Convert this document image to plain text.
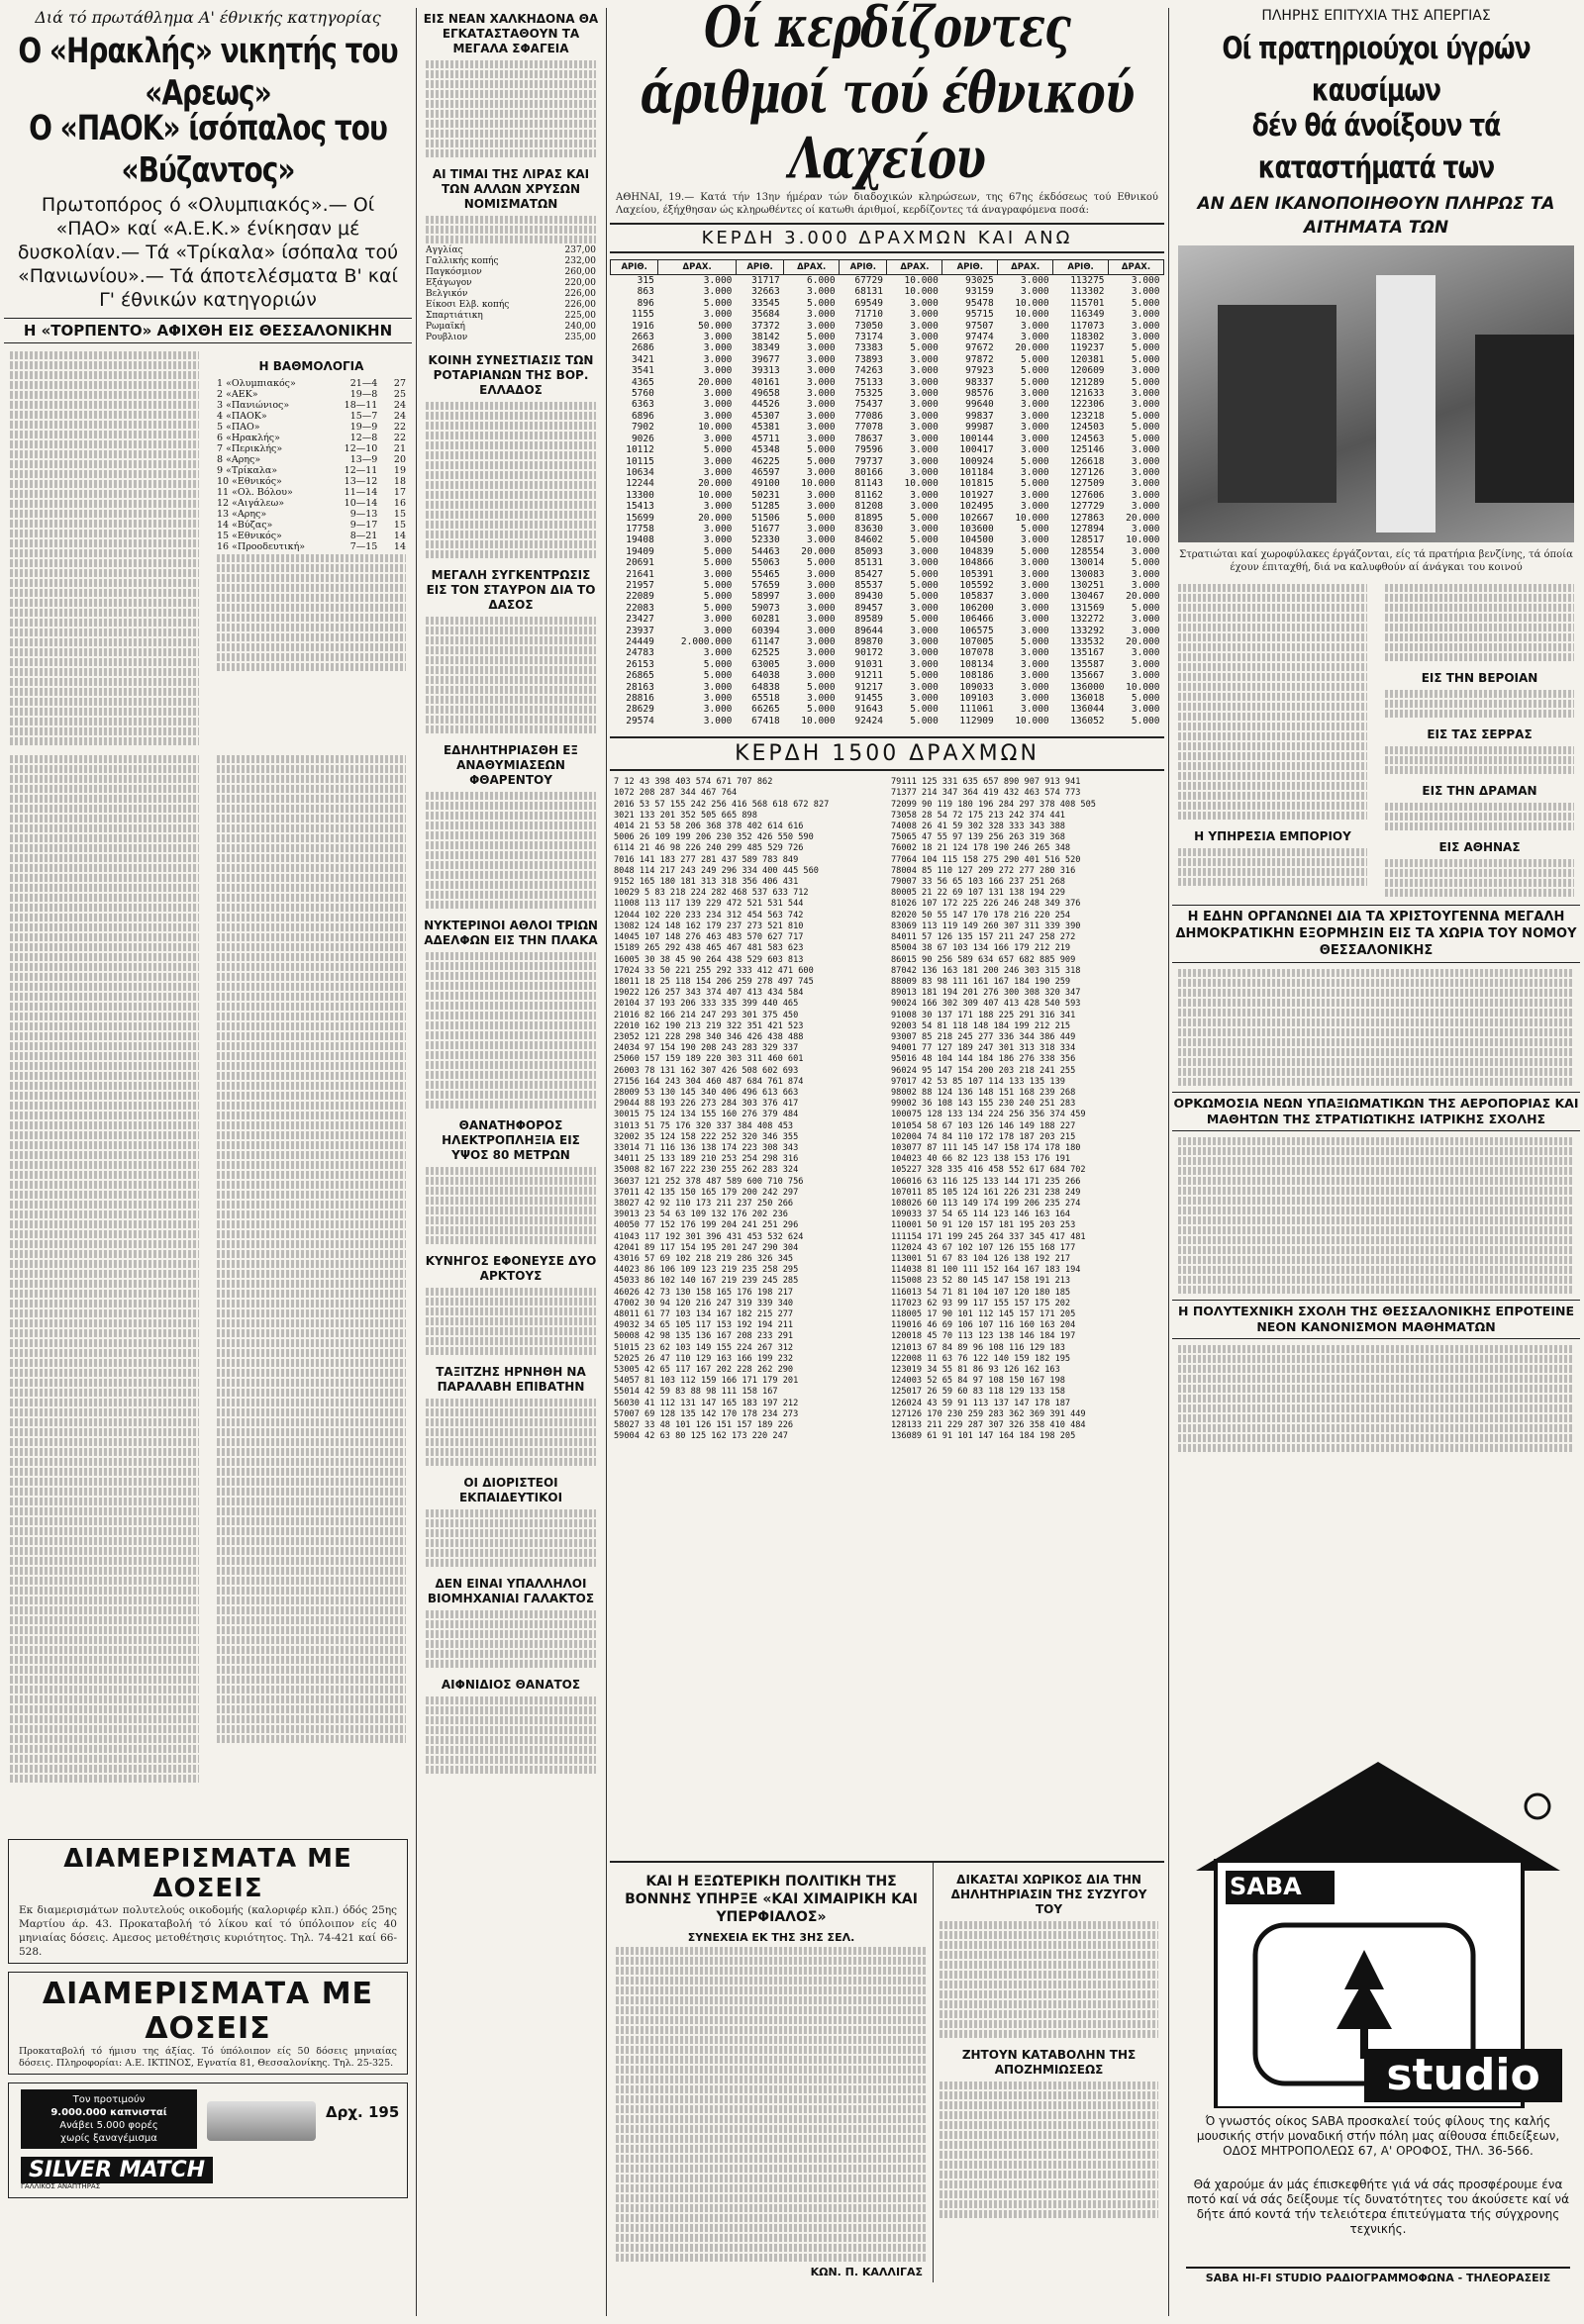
Διά τό πρωτάθλημα Α' έθνικής κατηγορίας
Ο «Ηρακλής» νικητής του «Αρεως»
Ο «ΠΑΟΚ» ίσόπαλος του «Βύζαντος»
Πρωτοπόρος ό «Ολυμπιακός».— Οί «ΠΑΟ» καί «Α.Ε.Κ.» ένίκησαν μέ δυσκολίαν.— Τά «Τρίκαλα» ίσόπαλα τού «Πανιωνίου».— Τά άποτελέσματα Β' καί Γ' έθνικών κατηγοριών
Η «ΤΟΡΠΕΝΤΟ» ΑΦΙΧΘΗ ΕΙΣ ΘΕΣΣΑΛΟΝΙΚΗΝ
Η ΒΑΘΜΟΛΟΓΙΑ
1 «Ολυμπιακός»	21—4	27
2 «ΑΕΚ»	19—8	25
3 «Πανιώνιος»	18—11	24
4 «ΠΑΟΚ»	15—7	24
5 «ΠΑΟ»	19—9	22
6 «Ηρακλής»	12—8	22
7 «Περικλής»	12—10	21
8 «Αρης»	13—9	20
9 «Τρίκαλα»	12—11	19
10 «Εθνικός»	13—12	18
11 «Ολ. Βόλου»	11—14	17
12 «Αιγάλεω»	10—14	16
13 «Αρης»	9—13	15
14 «Βύζας»	9—17	15
15 «Εθνικός»	8—21	14
16 «Προοδευτική»	7—15	14
ΔΙΑΜΕΡΙΣΜΑΤΑ ΜΕ ΔΟΣΕΙΣ
Εκ διαμερισμάτων πολυτελούς οικοδομής (καλοριφέρ κλπ.) όδός 25ης Μαρτίου άρ. 43. Προκαταβολή τό λίκου καί τό ύπόλοιπον είς 40 μηνιαίας δόσεις. Αμεσος μετοθέτησις κυριότητος. Τηλ. 74-421 καί 66-528.
ΔΙΑΜΕΡΙΣΜΑΤΑ ΜΕ ΔΟΣΕΙΣ
Προκαταβολή τό ήμισυ της άξίας. Τό ύπόλοιπον είς 50 δόσεις μηνιαίας δόσεις. Πληροφορίαι: Α.Ε. ΙΚΤΙΝΟΣ, Εγνατία 81, Θεσσαλονίκης. Τηλ. 25-325.
Τον προτιμούν
9.000.000 καπνισταί
Ανάβει 5.000 φορές
χωρίς ξαναγέμισμα
Δρχ. 195
SILVER MATCH
ΓΑΛΛΙΚΟΣ ΑΝΑΠΤΗΡΑΣ
ΕΙΣ ΝΕΑΝ ΧΑΛΚΗΔΟΝΑ ΘΑ ΕΓΚΑΤΑΣΤΑΘΟΥΝ ΤΑ ΜΕΓΑΛΑ ΣΦΑΓΕΙΑ
ΑΙ ΤΙΜΑΙ ΤΗΣ ΛΙΡΑΣ ΚΑΙ ΤΩΝ ΑΛΛΩΝ ΧΡΥΣΩΝ ΝΟΜΙΣΜΑΤΩΝ
Αγγλίας	237,00
Γαλλικής κοπής	232,00
Παγκόσμιον	260,00
Εξάγωγον	220,00
Βελγικόν	226,00
Είκοσι Ελβ. κοπής	226,00
Σπαρτιάτικη	225,00
Ρωμαϊκή	240,00
Ρουβλιον	235,00
ΚΟΙΝΗ ΣΥΝΕΣΤΙΑΣΙΣ ΤΩΝ ΡΟΤΑΡΙΑΝΩΝ ΤΗΣ ΒΟΡ. ΕΛΛΑΔΟΣ
ΜΕΓΑΛΗ ΣΥΓΚΕΝΤΡΩΣΙΣ ΕΙΣ ΤΟΝ ΣΤΑΥΡΟΝ ΔΙΑ ΤΟ ΔΑΣΟΣ
ΕΔΗΛΗΤΗΡΙΑΣΘΗ ΕΞ ΑΝΑΘΥΜΙΑΣΕΩΝ ΦΘΑΡΕΝΤΟΥ
ΝΥΚΤΕΡΙΝΟΙ ΑΘΛΟΙ ΤΡΙΩΝ ΑΔΕΛΦΩΝ ΕΙΣ ΤΗΝ ΠΛΑΚΑ
ΘΑΝΑΤΗΦΟΡΟΣ ΗΛΕΚΤΡΟΠΛΗΞΙΑ ΕΙΣ ΥΨΟΣ 80 ΜΕΤΡΩΝ
ΚΥΝΗΓΟΣ ΕΦΟΝΕΥΣΕ ΔΥΟ ΑΡΚΤΟΥΣ
ΤΑΞΙΤΖΗΣ ΗΡΝΗΘΗ ΝΑ ΠΑΡΑΛΑΒΗ ΕΠΙΒΑΤΗΝ
ΟΙ ΔΙΟΡΙΣΤΕΟΙ ΕΚΠΑΙΔΕΥΤΙΚΟΙ
ΔΕΝ ΕΙΝΑΙ ΥΠΑΛΛΗΛΟΙ ΒΙΟΜΗΧΑΝΙΑΙ ΓΑΛΑΚΤΟΣ
ΑΙΦΝΙΔΙΟΣ ΘΑΝΑΤΟΣ
Οί κερδίζοντες άριθμοί τού έθνικού Λαχείου
ΑΘΗΝΑΙ, 19.— Κατά τήν 13ην ήμέραν τών διαδοχικών κληρώσεων, της 67ης έκδόσεως τού Εθνικού Λαχείου, έξήχθησαν ώς κληρωθέντες οί κατωθι άριθμοί, κερδίζοντες τά άναγραφόμενα ποσά:
ΚΕΡΔΗ 3.000 ΔΡΑΧΜΩΝ ΚΑΙ ΑΝΩ
ΑΡΙΘ.	ΔΡΑΧ.	ΑΡΙΘ.	ΔΡΑΧ.	ΑΡΙΘ.	ΔΡΑΧ.	ΑΡΙΘ.	ΔΡΑΧ.	ΑΡΙΘ.	ΔΡΑΧ.
315	3.000	31717	6.000	67729	10.000	93025	3.000	113275	3.000
863	3.000	32663	3.000	68131	10.000	93159	3.000	113302	3.000
896	5.000	33545	5.000	69549	3.000	95478	10.000	115701	5.000
1155	3.000	35684	3.000	71710	3.000	95715	10.000	116349	3.000
1916	50.000	37372	3.000	73050	3.000	97507	3.000	117073	3.000
2663	3.000	38142	5.000	73174	3.000	97474	3.000	118302	3.000
2686	3.000	38349	3.000	73383	5.000	97672	20.000	119237	5.000
3421	3.000	39677	3.000	73893	3.000	97872	5.000	120381	5.000
3541	3.000	39313	3.000	74263	3.000	97923	5.000	120609	3.000
4365	20.000	40161	3.000	75133	3.000	98337	5.000	121289	5.000
5760	3.000	49658	3.000	75325	3.000	98576	3.000	121633	3.000
6363	3.000	44526	3.000	75437	3.000	99640	3.000	122306	3.000
6896	3.000	45307	3.000	77086	3.000	99837	3.000	123218	5.000
7902	10.000	45381	3.000	77078	3.000	99987	3.000	124503	5.000
9026	3.000	45711	3.000	78637	3.000	100144	3.000	124563	5.000
10112	5.000	45348	5.000	79596	3.000	100417	3.000	125146	3.000
10115	3.000	46225	5.000	79737	3.000	100924	5.000	126618	3.000
10634	3.000	46597	3.000	80166	3.000	101184	3.000	127126	3.000
12244	20.000	49100	10.000	81143	10.000	101815	5.000	127509	3.000
13300	10.000	50231	3.000	81162	3.000	101927	3.000	127606	3.000
15413	3.000	51285	3.000	81208	3.000	102495	3.000	127729	3.000
15699	20.000	51506	5.000	81895	5.000	102667	10.000	127863	20.000
17758	3.000	51677	3.000	83630	3.000	103600	5.000	127894	3.000
19408	3.000	52330	3.000	84602	5.000	104500	3.000	128517	10.000
19409	5.000	54463	20.000	85093	3.000	104839	5.000	128554	3.000
20691	5.000	55063	5.000	85131	3.000	104866	3.000	130014	5.000
21641	3.000	55465	3.000	85427	5.000	105391	3.000	130083	3.000
21957	5.000	57659	3.000	85537	5.000	105592	3.000	130251	3.000
22089	5.000	58997	3.000	89430	5.000	105837	3.000	130467	20.000
22083	5.000	59073	3.000	89457	3.000	106200	3.000	131569	5.000
23427	3.000	60281	3.000	89589	5.000	106466	3.000	132272	3.000
23937	3.000	60394	3.000	89644	3.000	106575	3.000	133292	3.000
24449	2.000.000	61147	3.000	89870	3.000	107005	5.000	133532	20.000
24783	3.000	62525	3.000	90172	3.000	107078	3.000	135167	3.000
26153	5.000	63005	3.000	91031	3.000	108134	3.000	135587	3.000
26865	5.000	64038	3.000	91211	5.000	108186	3.000	135667	3.000
28163	3.000	64838	5.000	91217	3.000	109033	3.000	136000	10.000
28816	3.000	65518	3.000	91455	3.000	109103	3.000	136018	5.000
28629	3.000	66265	5.000	91643	5.000	111061	3.000	136044	3.000
29574	3.000	67418	10.000	92424	5.000	112909	10.000	136052	5.000
ΚΕΡΔΗ 1500 ΔΡΑΧΜΩΝ
7 12 43 398 403 574 671 707 862
1072 208 287 344 467 764
2016 53 57 155 242 256 416 568 618 672 827
3021 133 201 352 505 665 898
4014 21 53 58 206 368 378 402 614 616
5006 26 109 199 206 230 352 426 550 590
6114 21 46 98 226 240 299 485 529 726
7016 141 183 277 281 437 589 783 849
8048 114 217 243 249 296 334 400 445 560
9152 165 180 181 313 318 356 406 431
10029 5 83 218 224 282 468 537 633 712
11008 113 117 139 229 472 521 531 544
12044 102 220 233 234 312 454 563 742
13082 124 148 162 179 237 273 521 810
14045 107 148 276 463 483 570 627 717
15189 265 292 438 465 467 481 583 623
16005 30 38 45 90 264 438 529 603 813
17024 33 50 221 255 292 333 412 471 600
18011 18 25 118 154 206 259 278 497 745
19022 126 257 343 374 407 413 434 584
20104 37 193 206 333 335 399 440 465
21016 82 166 214 247 293 301 375 450
22010 162 190 213 219 322 351 421 523
23052 121 228 298 340 346 426 438 488
24034 97 154 190 208 243 283 329 337
25060 157 159 189 220 303 311 460 601
26003 78 131 162 307 426 508 602 693
27156 164 243 304 460 487 684 761 874
28009 53 130 145 340 406 496 613 663
29044 88 193 226 273 284 303 376 417
30015 75 124 134 155 160 276 379 484
31013 51 75 176 320 337 384 408 453
32002 35 124 158 222 252 320 346 355
33014 71 116 136 138 174 223 308 343
34011 25 133 189 210 253 254 298 316
35008 82 167 222 230 255 262 283 324
36037 121 252 378 487 589 600 710 756
37011 42 135 150 165 179 200 242 297
38027 42 92 110 173 211 237 250 266
39013 23 54 63 109 132 176 202 236
40050 77 152 176 199 204 241 251 296
41043 117 192 301 396 431 453 532 624
42041 89 117 154 195 201 247 290 304
43016 57 69 102 218 219 286 326 345
44023 86 106 109 123 219 235 258 295
45033 86 102 140 167 219 239 245 285
46026 42 73 130 158 165 176 198 217
47002 30 94 120 216 247 319 339 340
48011 61 77 103 134 167 182 215 277
49032 34 65 105 117 153 192 194 211
50008 42 98 135 136 167 208 233 291
51015 23 62 103 149 155 224 267 312
52025 26 47 110 129 163 166 199 232
53005 42 65 117 167 202 228 262 290
54057 81 103 112 159 166 171 179 201
55014 42 59 83 88 98 111 158 167
56030 41 112 131 147 165 183 197 212
57007 69 128 135 142 170 178 234 273
58027 33 48 101 126 151 157 189 226
59004 42 63 80 125 162 173 220 247
79111 125 331 635 657 890 907 913 941
71377 214 347 364 419 432 463 574 773
72099 90 119 180 196 284 297 378 408 505
73058 28 54 72 175 213 242 374 441
74008 26 41 59 302 328 333 343 388
75065 47 55 97 139 256 263 319 368
76002 18 21 124 178 190 246 265 348
77064 104 115 158 275 290 401 516 520
78004 85 110 127 209 272 277 280 316
79007 33 56 65 103 166 237 251 268
80005 21 22 69 107 131 138 194 229
81026 107 172 225 226 246 248 349 376
82020 50 55 147 170 178 216 220 254
83069 113 119 149 260 307 311 339 390
84011 57 126 135 157 211 247 258 272
85004 38 67 103 134 166 179 212 219
86015 90 256 589 634 657 682 885 909
87042 136 163 181 200 246 303 315 318
88009 83 98 111 161 167 184 190 259
89013 181 194 201 276 300 308 320 347
90024 166 302 309 407 413 428 540 593
91008 30 137 171 188 225 291 316 341
92003 54 81 118 148 184 199 212 215
93007 85 218 245 277 336 344 386 449
94001 77 127 189 247 301 313 318 334
95016 48 104 144 184 186 276 338 356
96024 95 147 154 200 203 218 241 255
97017 42 53 85 107 114 133 135 139
98002 88 124 136 148 151 168 239 268
99002 36 108 143 155 230 240 251 283
100075 128 133 134 224 256 356 374 459
101054 58 67 103 126 146 149 188 227
102004 74 84 110 172 178 187 203 215
103077 87 111 145 147 158 174 178 180
104023 40 66 82 123 138 153 176 191
105227 328 335 416 458 552 617 684 702
106016 63 116 125 133 144 171 235 266
107011 85 105 124 161 226 231 238 249
108026 60 113 149 174 199 206 235 274
109033 37 54 65 114 123 146 163 164
110001 50 91 120 157 181 195 203 253
111154 171 199 245 264 337 345 417 481
112024 43 67 102 107 126 155 168 177
113001 51 67 83 104 126 138 192 217
114038 81 100 111 152 164 167 183 194
115008 23 52 80 145 147 158 191 213
116013 54 71 81 104 107 120 180 185
117023 62 93 99 117 155 157 175 202
118005 17 90 101 112 145 157 171 205
119016 46 69 106 107 116 160 163 204
120018 45 70 113 123 138 146 184 197
121013 67 84 89 96 108 116 129 183
122008 11 63 76 122 140 159 182 195
123019 34 55 81 86 93 126 162 163
124003 52 65 84 97 108 150 167 198
125017 26 59 60 83 118 129 133 158
126024 43 59 91 113 137 147 178 187
127126 170 230 259 283 362 369 391 449
128133 211 229 287 307 326 358 410 484
136089 61 91 101 147 164 184 198 205
ΚΑΙ Η ΕΞΩΤΕΡΙΚΗ ΠΟΛΙΤΙΚΗ ΤΗΣ ΒΟΝΝΗΣ ΥΠΗΡΞΕ «ΚΑΙ ΧΙΜΑΙΡΙΚΗ ΚΑΙ ΥΠΕΡΦΙΑΛΟΣ»
ΣΥΝΕΧΕΙΑ ΕΚ ΤΗΣ 3ΗΣ ΣΕΛ.
ΚΩΝ. Π. ΚΑΛΛΙΓΑΣ
ΔΙΚΑΣΤΑΙ ΧΩΡΙΚΟΣ ΔΙΑ ΤΗΝ ΔΗΛΗΤΗΡΙΑΣΙΝ ΤΗΣ ΣΥΖΥΓΟΥ ΤΟΥ
ΖΗΤΟΥΝ ΚΑΤΑΒΟΛΗΝ ΤΗΣ ΑΠΟΖΗΜΙΩΣΕΩΣ
ΠΛΗΡΗΣ ΕΠΙΤΥΧΙΑ ΤΗΣ ΑΠΕΡΓΙΑΣ
Οί πρατηριούχοι ύγρών καυσίμων
δέν θά άνοίξουν τά καταστήματά των
ΑΝ ΔΕΝ ΙΚΑΝΟΠΟΙΗΘΟΥΝ ΠΛΗΡΩΣ ΤΑ ΑΙΤΗΜΑΤΑ ΤΩΝ
Στρατιώται καί χωροφύλακες έργάζονται, είς τά πρατήρια βενζίνης, τά όποία έχουν έπιταχθή, διά να καλυφθούν αί άνάγκαι του κοινού
Η ΥΠΗΡΕΣΙΑ ΕΜΠΟΡΙΟΥ
ΕΙΣ ΤΗΝ ΒΕΡΟΙΑΝ
ΕΙΣ ΤΑΣ ΣΕΡΡΑΣ
ΕΙΣ ΤΗΝ ΔΡΑΜΑΝ
ΕΙΣ ΑΘΗΝΑΣ
Η ΕΔΗΝ ΟΡΓΑΝΩΝΕΙ ΔΙΑ ΤΑ ΧΡΙΣΤΟΥΓΕΝΝΑ ΜΕΓΑΛΗ ΔΗΜΟΚΡΑΤΙΚΗΝ ΕΞΟΡΜΗΣΙΝ ΕΙΣ ΤΑ ΧΩΡΙΑ ΤΟΥ ΝΟΜΟΥ ΘΕΣΣΑΛΟΝΙΚΗΣ
ΟΡΚΩΜΟΣΙΑ ΝΕΩΝ ΥΠΑΞΙΩΜΑΤΙΚΩΝ ΤΗΣ ΑΕΡΟΠΟΡΙΑΣ ΚΑΙ ΜΑΘΗΤΩΝ ΤΗΣ ΣΤΡΑΤΙΩΤΙΚΗΣ ΙΑΤΡΙΚΗΣ ΣΧΟΛΗΣ
Η ΠΟΛΥΤΕΧΝΙΚΗ ΣΧΟΛΗ ΤΗΣ ΘΕΣΣΑΛΟΝΙΚΗΣ ΕΠΡΟΤΕΙΝΕ ΝΕΟΝ ΚΑΝΟΝΙΣΜΟΝ ΜΑΘΗΜΑΤΩΝ
SABA
studio
Ό γνωστός οίκος SABA προσκαλεί τούς φίλους της καλής μουσικής στήν μοναδική στήν πόλη μας αίθουσα έπιδείξεων, ΟΔΟΣ ΜΗΤΡΟΠΟΛΕΩΣ 67, Α' ΟΡΟΦΟΣ, ΤΗΛ. 36-566.
Θά χαρούμε άν μάς έπισκεφθήτε γιά νά σάς προσφέρουμε ένα ποτό καί νά σάς δείξουμε τίς δυνατότητες του άκούσετε καί νά δήτε άπό κοντά τήν τελειότερα έπιτεύγματα τής σύγχρονης τεχνικής.
SABA HI-FI STUDIO ΡΑΔΙΟΓΡΑΜΜΟΦΩΝΑ - ΤΗΛΕΟΡΑΣΕΙΣ
